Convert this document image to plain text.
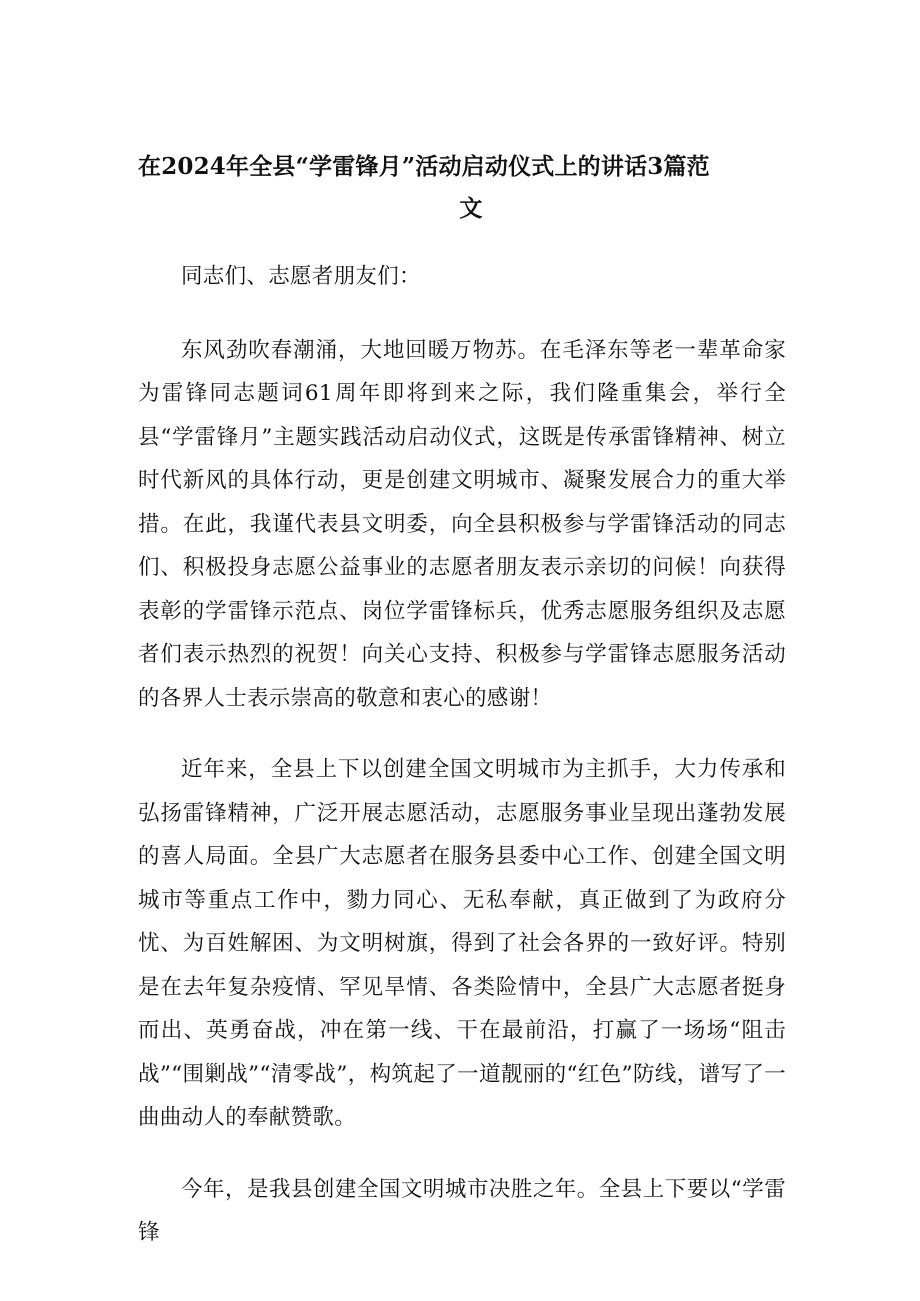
在2024年全县“学雷锋月”活动启动仪式上的讲话3篇范
文

同志们、志愿者朋友们：

东风劲吹春潮涌，大地回暖万物苏。在毛泽东等老一辈革命家为雷锋同志题词61周年即将到来之际，我们隆重集会，举行全县“学雷锋月”主题实践活动启动仪式，这既是传承雷锋精神、树立时代新风的具体行动，更是创建文明城市、凝聚发展合力的重大举措。在此，我谨代表县文明委，向全县积极参与学雷锋活动的同志们、积极投身志愿公益事业的志愿者朋友表示亲切的问候！向获得表彰的学雷锋示范点、岗位学雷锋标兵，优秀志愿服务组织及志愿者们表示热烈的祝贺！向关心支持、积极参与学雷锋志愿服务活动的各界人士表示崇高的敬意和衷心的感谢！

近年来，全县上下以创建全国文明城市为主抓手，大力传承和弘扬雷锋精神，广泛开展志愿活动，志愿服务事业呈现出蓬勃发展的喜人局面。全县广大志愿者在服务县委中心工作、创建全国文明城市等重点工作中，勠力同心、无私奉献，真正做到了为政府分忧、为百姓解困、为文明树旗，得到了社会各界的一致好评。特别是在去年复杂疫情、罕见旱情、各类险情中，全县广大志愿者挺身而出、英勇奋战，冲在第一线、干在最前沿，打赢了一场场“阻击战”“围剿战”“清零战”，构筑起了一道靓丽的“红色”防线，谱写了一曲曲动人的奉献赞歌。

今年，是我县创建全国文明城市决胜之年。全县上下要以“学雷锋
